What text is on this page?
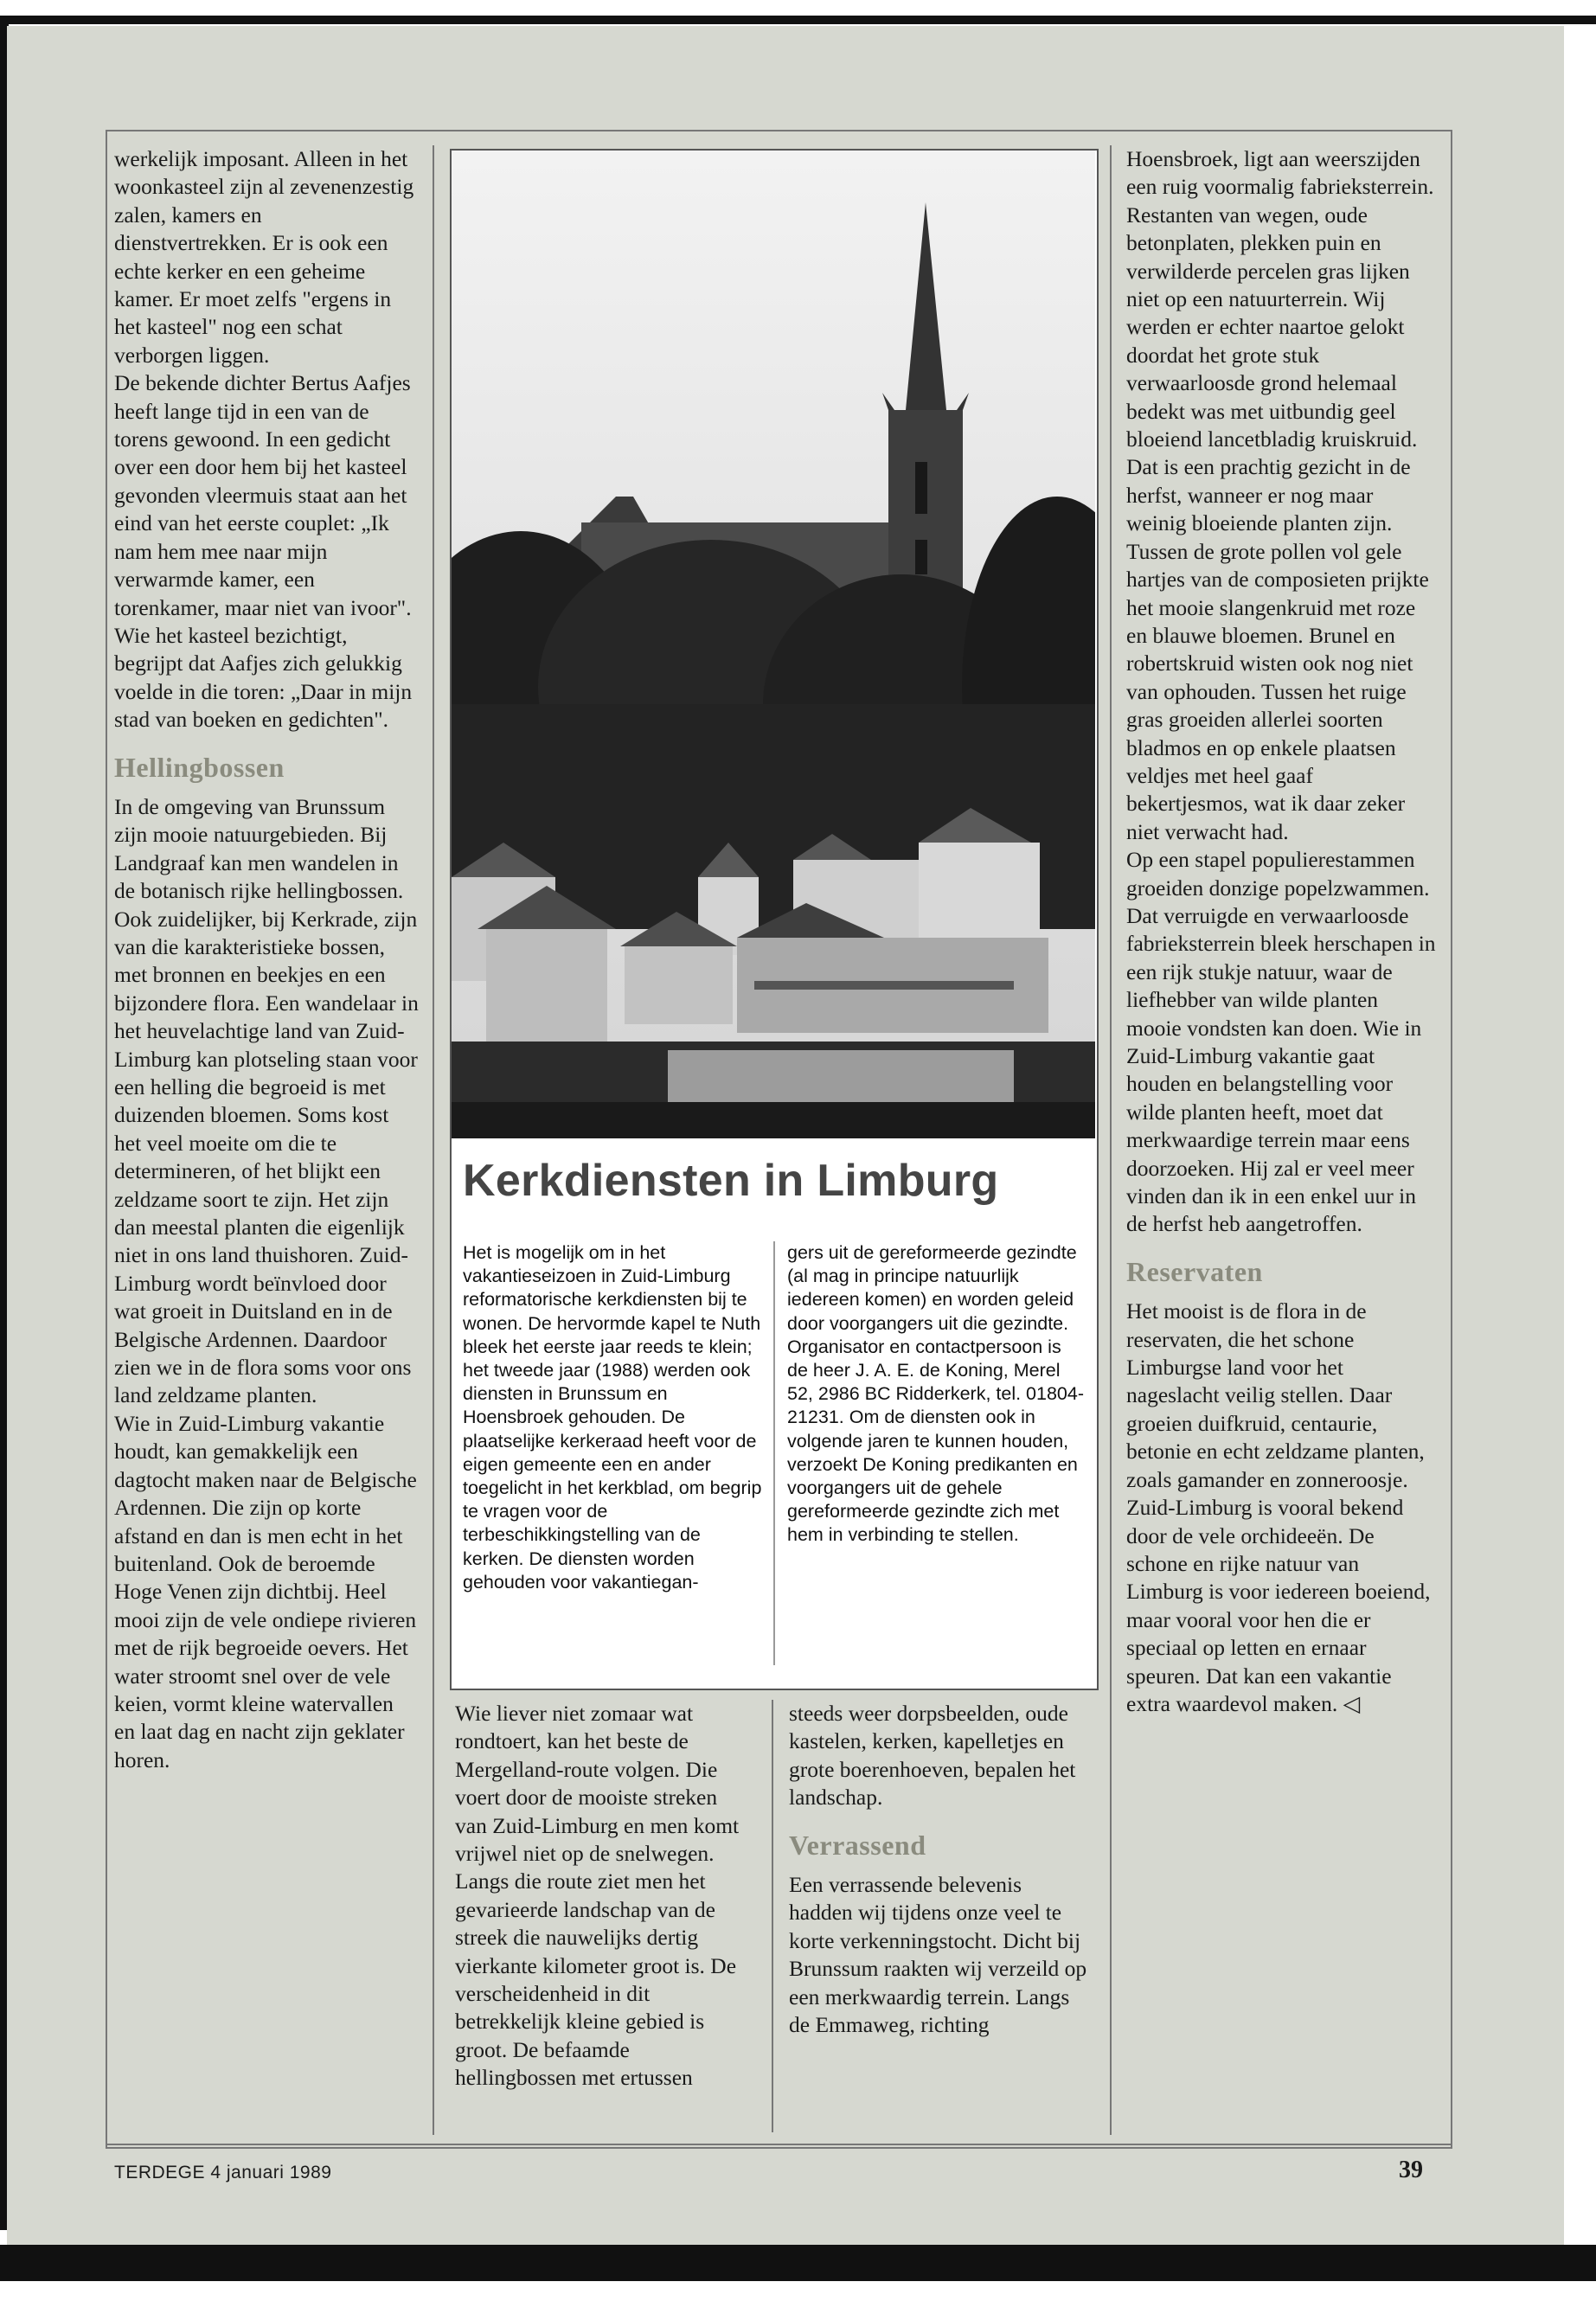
werkelijk imposant. Alleen in het woonkasteel zijn al zevenenzestig zalen, kamers en dienstvertrekken. Er is ook een echte kerker en een geheime kamer. Er moet zelfs "ergens in het kasteel" nog een schat verborgen liggen.

De bekende dichter Bertus Aafjes heeft lange tijd in een van de torens gewoond. In een gedicht over een door hem bij het kasteel gevonden vleermuis staat aan het eind van het eerste couplet: „Ik nam hem mee naar mijn verwarmde kamer, een torenkamer, maar niet van ivoor". Wie het kasteel bezichtigt, begrijpt dat Aafjes zich gelukkig voelde in die toren: „Daar in mijn stad van boeken en gedichten".

Hellingbossen

In de omgeving van Brunssum zijn mooie natuurgebieden. Bij Landgraaf kan men wandelen in de botanisch rijke hellingbossen. Ook zuidelijker, bij Kerkrade, zijn van die karakteristieke bossen, met bronnen en beekjes en een bijzondere flora. Een wandelaar in het heuvelachtige land van Zuid-Limburg kan plotseling staan voor een helling die begroeid is met duizenden bloemen. Soms kost het veel moeite om die te determineren, of het blijkt een zeldzame soort te zijn. Het zijn dan meestal planten die eigenlijk niet in ons land thuishoren. Zuid-Limburg wordt beïnvloed door wat groeit in Duitsland en in de Belgische Ardennen. Daardoor zien we in de flora soms voor ons land zeldzame planten.

Wie in Zuid-Limburg vakantie houdt, kan gemakkelijk een dagtocht maken naar de Belgische Ardennen. Die zijn op korte afstand en dan is men echt in het buitenland. Ook de beroemde Hoge Venen zijn dichtbij. Heel mooi zijn de vele ondiepe rivieren met de rijk begroeide oevers. Het water stroomt snel over de vele keien, vormt kleine watervallen en laat dag en nacht zijn geklater horen.

Kerkdiensten in Limburg

Het is mogelijk om in het vakantieseizoen in Zuid-Limburg reformatorische kerkdiensten bij te wonen. De hervormde kapel te Nuth bleek het eerste jaar reeds te klein; het tweede jaar (1988) werden ook diensten in Brunssum en Hoensbroek gehouden. De plaatselijke kerkeraad heeft voor de eigen gemeente een en ander toegelicht in het kerkblad, om begrip te vragen voor de terbeschikkingstelling van de kerken. De diensten worden gehouden voor vakantiegan-

gers uit de gereformeerde gezindte (al mag in principe natuurlijk iedereen komen) en worden geleid door voorgangers uit die gezindte. Organisator en contactpersoon is de heer J. A. E. de Koning, Merel 52, 2986 BC Ridderkerk, tel. 01804-21231. Om de diensten ook in volgende jaren te kunnen houden, verzoekt De Koning predikanten en voorgangers uit de gehele gereformeerde gezindte zich met hem in verbinding te stellen.

Wie liever niet zomaar wat rondtoert, kan het beste de Mergelland-route volgen. Die voert door de mooiste streken van Zuid-Limburg en men komt vrijwel niet op de snelwegen. Langs die route ziet men het gevarieerde landschap van de streek die nauwelijks dertig vierkante kilometer groot is. De verscheidenheid in dit betrekkelijk kleine gebied is groot. De befaamde hellingbossen met ertussen

steeds weer dorpsbeelden, oude kastelen, kerken, kapelletjes en grote boerenhoeven, bepalen het landschap.

Verrassend

Een verrassende belevenis hadden wij tijdens onze veel te korte verkenningstocht. Dicht bij Brunssum raakten wij verzeild op een merkwaardig terrein. Langs de Emmaweg, richting

Hoensbroek, ligt aan weerszijden een ruig voormalig fabrieksterrein. Restanten van wegen, oude betonplaten, plekken puin en verwilderde percelen gras lijken niet op een natuurterrein. Wij werden er echter naartoe gelokt doordat het grote stuk verwaarloosde grond helemaal bedekt was met uitbundig geel bloeiend lancetbladig kruiskruid. Dat is een prachtig gezicht in de herfst, wanneer er nog maar weinig bloeiende planten zijn.

Tussen de grote pollen vol gele hartjes van de composieten prijkte het mooie slangenkruid met roze en blauwe bloemen. Brunel en robertskruid wisten ook nog niet van ophouden. Tussen het ruige gras groeiden allerlei soorten bladmos en op enkele plaatsen veldjes met heel gaaf bekertjesmos, wat ik daar zeker niet verwacht had.

Op een stapel populierestammen groeiden donzige popelzwammen. Dat verruigde en verwaarloosde fabrieksterrein bleek herschapen in een rijk stukje natuur, waar de liefhebber van wilde planten mooie vondsten kan doen. Wie in Zuid-Limburg vakantie gaat houden en belangstelling voor wilde planten heeft, moet dat merkwaardige terrein maar eens doorzoeken. Hij zal er veel meer vinden dan ik in een enkel uur in de herfst heb aangetroffen.

Reservaten

Het mooist is de flora in de reservaten, die het schone Limburgse land voor het nageslacht veilig stellen. Daar groeien duifkruid, centaurie, betonie en echt zeldzame planten, zoals gamander en zonneroosje. Zuid-Limburg is vooral bekend door de vele orchideeën. De schone en rijke natuur van Limburg is voor iedereen boeiend, maar vooral voor hen die er speciaal op letten en ernaar speuren. Dat kan een vakantie extra waardevol maken. ◁

TERDEGE 4 januari 1989	39
